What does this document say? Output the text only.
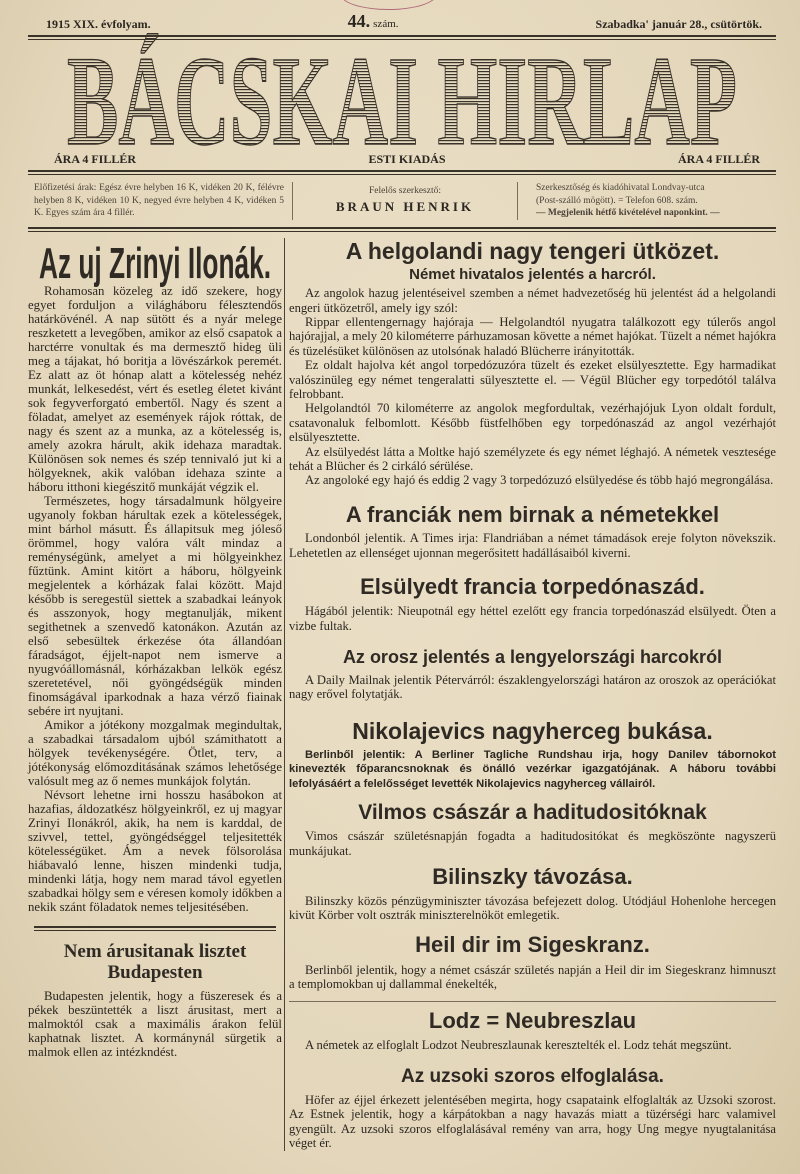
1915 XIX. évfolyam.	44. szám.	Szabadka' január 28., csütörtök.
BÁCSKAI HIRLAP
ÁRA 4 FILLÉR	ESTI KIADÁS	ÁRA 4 FILLÉR
Előfizetési árak: Egész évre helyben 16 K, vidéken 20 K, félévre helyben 8 K, vidéken 10 K, negyed évre helyben 4 K, vidéken 5 K. Egyes szám ára 4 fillér.
Felelős szerkesztő:
BRAUN HENRIK
Szerkesztőség és kiadóhivatal Londvay-utca
(Post-szálló mögött). = Telefon 608. szám.
— Megjelenik hétfő kivételével naponkint. —
Az uj Zrinyi Ilonák.

Rohamosan közeleg az idő szekere, hogy egyet forduljon a világháboru félesztendős határkövénél. A nap sütött és a nyár melege reszketett a levegőben, amikor az első csapatok a harctérre vonultak és ma dermesztő hideg üli meg a tájakat, hó boritja a lövészárkok peremét. Ez alatt az öt hónap alatt a kötelesség nehéz munkát, lelkesedést, vért és esetleg életet kivánt sok fegyverforgató embertől. Nagy és szent a föladat, amelyet az események rájok róttak, de nagy és szent az a munka, az a kötelesség is, amely azokra hárult, akik idehaza maradtak. Különösen sok nemes és szép tennivaló jut ki a hölgyeknek, akik valóban idehaza szinte a háboru itthoni kiegészitő munkáját végzik el.

Természetes, hogy társadalmunk hölgyeire ugyanoly fokban hárultak ezek a kötelességek, mint bárhol másutt. És állapitsuk meg jóleső örömmel, hogy valóra vált mindaz a reménységünk, amelyet a mi hölgyeinkhez fűztünk. Amint kitört a háboru, hölgyeink megjelentek a kórházak falai között. Majd később is seregestül siettek a szabadkai leányok és asszonyok, hogy megtanulják, mikent segithetnek a szenvedő katonákon. Azután az első sebesültek érkezése óta állandóan fáradságot, éjjelt-napot nem ismerve a nyugvóállomásnál, kórházakban lelkök egész szeretetével, női gyöngédségük minden finomságával iparkodnak a haza vérző fiainak sebére irt nyujtani.

Amikor a jótékony mozgalmak megindultak, a szabadkai társadalom ujból számithatott a hölgyek tevékenységére. Ötlet, terv, a jótékonyság előmozditásának számos lehetősége valósult meg az ő nemes munkájok folytán.

Névsort lehetne irni hosszu hasábokon at hazafias, áldozatkész hölgyeinkről, ez uj magyar Zrinyi Ilonákról, akik, ha nem is karddal, de szivvel, tettel, gyöngédséggel teljesitették kötelességüket. Ám a nevek fölsorolása hiábavaló lenne, hiszen mindenki tudja, mindenki látja, hogy nem marad távol egyetlen szabadkai hölgy sem e véresen komoly időkben a nekik szánt föladatok nemes teljesitésében.

Nem árusitanak lisztet
Budapesten

Budapesten jelentik, hogy a füszeresek és a pékek beszüntették a liszt árusitast, mert a malmoktól csak a maximális árakon felül kaphatnak lisztet. A kormánynál sürgetik a malmok ellen az intézkndést.

A helgolandi nagy tengeri ütközet.
Német hivatalos jelentés a harcról.

Az angolok hazug jelentéseivel szemben a német hadvezetőség hü jelentést ád a helgolandi engeri ütközetről, amely igy szól:

Rippar ellentengernagy hajóraja — Helgolandtól nyugatra találkozott egy túlerős angol hajórajjal, a mely 20 kilométerre párhuzamosan követte a német hajókat. Tüzelt a német hajókra és tüzelésüket különösen az utolsónak haladó Blücherre irányitották.

Ez oldalt hajolva két angol torpedózuzóra tüzelt és ezeket elsülyesztette. Egy harmadikat valószinüleg egy német tengeralatti sülyesztette el. — Végül Blücher egy torpedótól találva felrobbant.

Helgolandtól 70 kilométerre az angolok megfordultak, vezérhajójuk Lyon oldalt fordult, csatavonaluk felbomlott. Később füstfelhőben egy torpedónaszád az angol vezérhajót elsülyesztette.

Az elsülyedést látta a Moltke hajó személyzete és egy német léghajó. A németek vesztesége tehát a Blücher és 2 cirkáló sérülése.

Az angoloké egy hajó és eddig 2 vagy 3 torpedózuzó elsülyedése és több hajó megrongálása.

A franciák nem birnak a németekkel

Londonból jelentik. A Times irja: Flandriában a német támadások ereje folyton növekszik. Lehetetlen az ellenséget ujonnan megerősitett hadállásaiból kiverni.

Elsülyedt francia torpedónaszád.

Hágából jelentik: Nieupotnál egy héttel ezelőtt egy francia torpedónaszád elsülyedt. Öten a vizbe fultak.

Az orosz jelentés a lengyelországi harcokról

A Daily Mailnak jelentik Pétervárról: északlengyelországi határon az oroszok az operációkat nagy erővel folytatják.

Nikolajevics nagyherceg bukása.

Berlinből jelentik: A Berliner Tagliche Rundshau irja, hogy Danilev tábornokot kinevezték főparancsnoknak és önálló vezérkar igazgatójának. A háboru további lefolyásáért a felelősséget levették Nikolajevics nagyherceg vállairól.

Vilmos császár a haditudositóknak

Vimos császár születésnapján fogadta a haditudositókat és megköszönte nagyszerü munkájukat.

Bilinszky távozása.

Bilinszky közös pénzügyminiszter távozása befejezett dolog. Utódjául Hohenlohe hercegen kivüt Körber volt osztrák miniszterelnököt emlegetik.

Heil dir im Sigeskranz.

Berlinből jelentik, hogy a német császár születés napján a Heil dir im Siegeskranz himnuszt a templomokban uj dallammal énekelték,

Lodz = Neubreszlau

A németek az elfoglalt Lodzot Neubreszlaunak keresztelték el. Lodz tehát megszünt.

Az uzsoki szoros elfoglalása.

Höfer az éjjel érkezett jelentésében megirta, hogy csapataink elfoglalták az Uzsoki szorost. Az Estnek jelentik, hogy a kárpátokban a nagy havazás miatt a tüzérségi harc valamivel gyengült. Az uzsoki szoros elfoglalásával remény van arra, hogy Ung megye nyugtalanitása véget ér.
